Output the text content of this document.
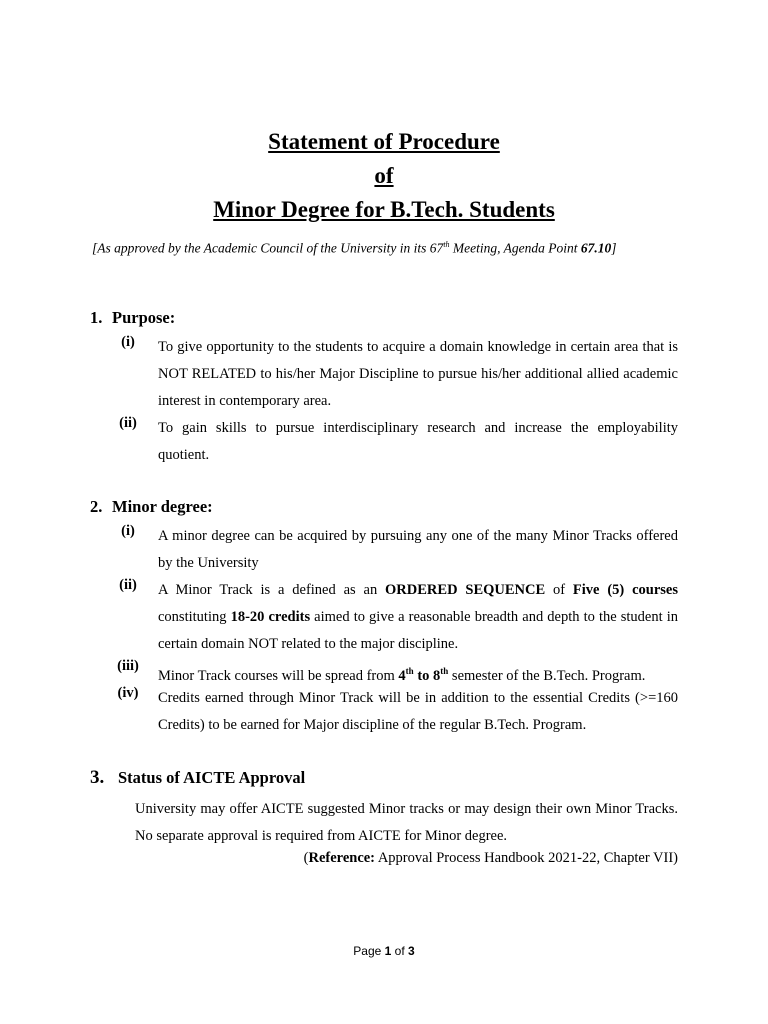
Statement of Procedure
of
Minor Degree for B.Tech. Students
[As approved by the Academic Council of the University in its 67th Meeting, Agenda Point 67.10]
1. Purpose:
(i)	To give opportunity to the students to acquire a domain knowledge in certain area that is NOT RELATED to his/her Major Discipline to pursue his/her additional allied academic interest in contemporary area.
(ii)	To gain skills to pursue interdisciplinary research and increase the employability quotient.
2. Minor degree:
(i)	A minor degree can be acquired by pursuing any one of the many Minor Tracks offered by the University
(ii)	A Minor Track is a defined as an ORDERED SEQUENCE of Five (5) courses constituting 18-20 credits aimed to give a reasonable breadth and depth to the student in certain domain NOT related to the major discipline.
(iii)
Minor Track courses will be spread from 4th to 8th semester of the B.Tech. Program.
(iv)	Credits earned through Minor Track will be in addition to the essential Credits (>=160 Credits) to be earned for Major discipline of the regular B.Tech. Program.
3. Status of AICTE Approval
University may offer AICTE suggested Minor tracks or may design their own Minor Tracks. No separate approval is required from AICTE for Minor degree.
(Reference: Approval Process Handbook 2021-22, Chapter VII)
Page 1 of 3
